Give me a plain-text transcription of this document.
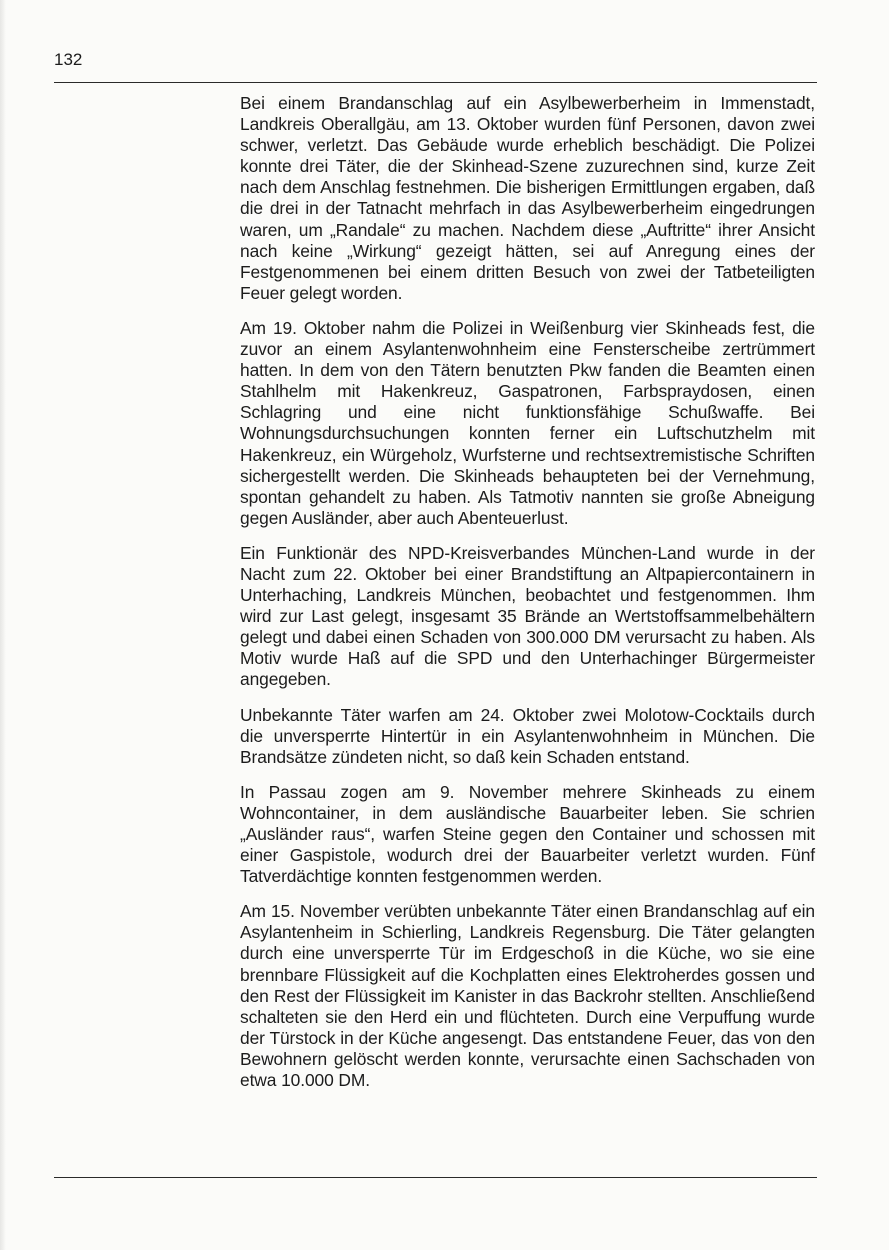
132

Bei einem Brandanschlag auf ein Asylbewerberheim in Immenstadt, Landkreis Oberallgäu, am 13. Oktober wurden fünf Personen, davon zwei schwer, verletzt. Das Gebäude wurde erheblich beschädigt. Die Polizei konnte drei Täter, die der Skinhead-Szene zuzurechnen sind, kurze Zeit nach dem Anschlag festnehmen. Die bisherigen Ermittlungen ergaben, daß die drei in der Tatnacht mehrfach in das Asylbewerberheim eingedrungen waren, um „Randale“ zu machen. Nachdem diese „Auftritte“ ihrer Ansicht nach keine „Wirkung“ gezeigt hätten, sei auf Anregung eines der Festgenommenen bei einem dritten Besuch von zwei der Tatbeteiligten Feuer gelegt worden.

Am 19. Oktober nahm die Polizei in Weißenburg vier Skinheads fest, die zuvor an einem Asylantenwohnheim eine Fensterscheibe zertrümmert hatten. In dem von den Tätern benutzten Pkw fanden die Beamten einen Stahlhelm mit Hakenkreuz, Gaspatronen, Farbspraydosen, einen Schlagring und eine nicht funktionsfähige Schußwaffe. Bei Wohnungsdurchsuchungen konnten ferner ein Luftschutzhelm mit Hakenkreuz, ein Würgeholz, Wurfsterne und rechtsextremistische Schriften sichergestellt werden. Die Skinheads behaupteten bei der Vernehmung, spontan gehandelt zu haben. Als Tatmotiv nannten sie große Abneigung gegen Ausländer, aber auch Abenteuerlust.

Ein Funktionär des NPD-Kreisverbandes München-Land wurde in der Nacht zum 22. Oktober bei einer Brandstiftung an Altpapiercontainern in Unterhaching, Landkreis München, beobachtet und festgenommen. Ihm wird zur Last gelegt, insgesamt 35 Brände an Wertstoffsammelbehältern gelegt und dabei einen Schaden von 300.000 DM verursacht zu haben. Als Motiv wurde Haß auf die SPD und den Unterhachinger Bürgermeister angegeben.

Unbekannte Täter warfen am 24. Oktober zwei Molotow-Cocktails durch die unversperrte Hintertür in ein Asylantenwohnheim in München. Die Brandsätze zündeten nicht, so daß kein Schaden entstand.

In Passau zogen am 9. November mehrere Skinheads zu einem Wohncontainer, in dem ausländische Bauarbeiter leben. Sie schrien „Ausländer raus“, warfen Steine gegen den Container und schossen mit einer Gaspistole, wodurch drei der Bauarbeiter verletzt wurden. Fünf Tatverdächtige konnten festgenommen werden.

Am 15. November verübten unbekannte Täter einen Brandanschlag auf ein Asylantenheim in Schierling, Landkreis Regensburg. Die Täter gelangten durch eine unversperrte Tür im Erdgeschoß in die Küche, wo sie eine brennbare Flüssigkeit auf die Kochplatten eines Elektroherdes gossen und den Rest der Flüssigkeit im Kanister in das Backrohr stellten. Anschließend schalteten sie den Herd ein und flüchteten. Durch eine Verpuffung wurde der Türstock in der Küche angesengt. Das entstandene Feuer, das von den Bewohnern gelöscht werden konnte, verursachte einen Sachschaden von etwa 10.000 DM.
